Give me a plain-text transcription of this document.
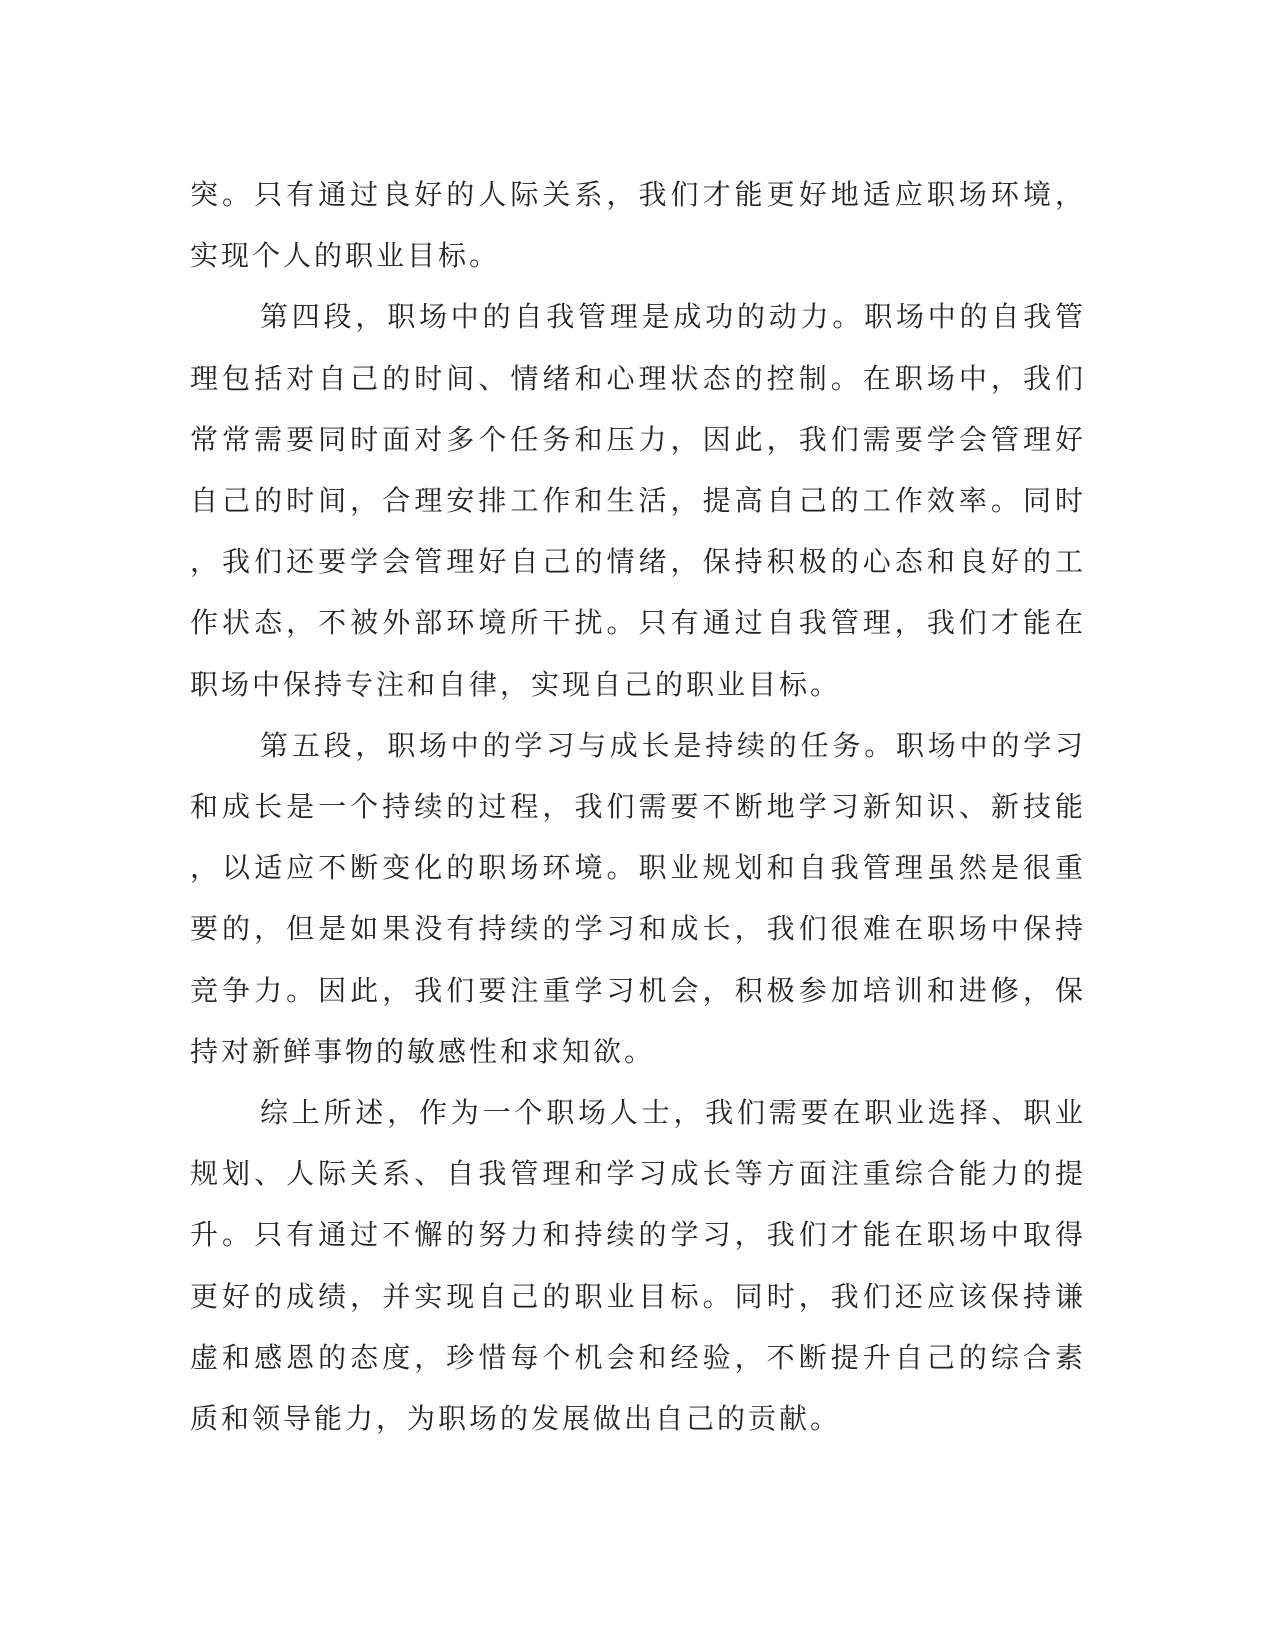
突。只有通过良好的人际关系，我们才能更好地适应职场环境，实现个人的职业目标。

第四段，职场中的自我管理是成功的动力。职场中的自我管理包括对自己的时间、情绪和心理状态的控制。在职场中，我们常常需要同时面对多个任务和压力，因此，我们需要学会管理好自己的时间，合理安排工作和生活，提高自己的工作效率。同时，我们还要学会管理好自己的情绪，保持积极的心态和良好的工作状态，不被外部环境所干扰。只有通过自我管理，我们才能在职场中保持专注和自律，实现自己的职业目标。

第五段，职场中的学习与成长是持续的任务。职场中的学习和成长是一个持续的过程，我们需要不断地学习新知识、新技能，以适应不断变化的职场环境。职业规划和自我管理虽然是很重要的，但是如果没有持续的学习和成长，我们很难在职场中保持竞争力。因此，我们要注重学习机会，积极参加培训和进修，保持对新鲜事物的敏感性和求知欲。

综上所述，作为一个职场人士，我们需要在职业选择、职业规划、人际关系、自我管理和学习成长等方面注重综合能力的提升。只有通过不懈的努力和持续的学习，我们才能在职场中取得更好的成绩，并实现自己的职业目标。同时，我们还应该保持谦虚和感恩的态度，珍惜每个机会和经验，不断提升自己的综合素质和领导能力，为职场的发展做出自己的贡献。
